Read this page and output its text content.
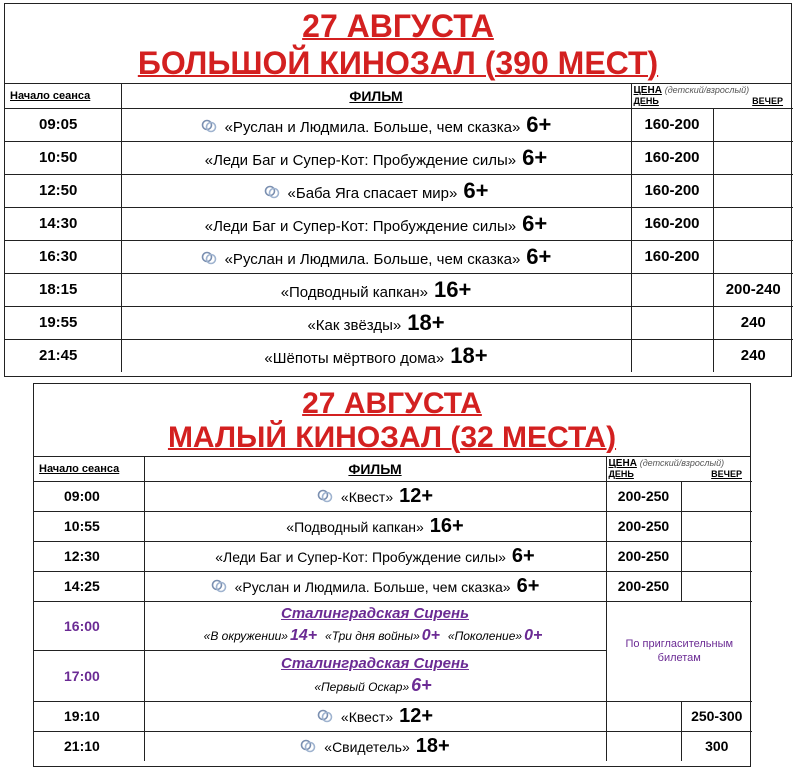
27 АВГУСТА
БОЛЬШОЙ КИНОЗАЛ (390 МЕСТ)
Начало сеанса	ФИЛЬМ	ЦЕНА (детский/взрослый)
ДЕНЬ ВЕЧЕР	

09:05	«Руслан и Людмила. Больше, чем сказка» 6+	160-200	
10:50	«Леди Баг и Супер-Кот: Пробуждение силы» 6+	160-200	
12:50	«Баба Яга спасает мир» 6+	160-200	
14:30	«Леди Баг и Супер-Кот: Пробуждение силы» 6+	160-200	
16:30	«Руслан и Людмила. Больше, чем сказка» 6+	160-200	
18:15	«Подводный капкан» 16+		200-240
19:55	«Как звёзды» 18+		240
21:45	«Шёпоты мёртвого дома» 18+		240
27 АВГУСТА
МАЛЫЙ КИНОЗАЛ (32 МЕСТА)
Начало сеанса	ФИЛЬМ	ЦЕНА (детский/взрослый)
ДЕНЬ ВЕЧЕР	

09:00	«Квест» 12+	200-250	
10:55	«Подводный капкан» 16+	200-250	
12:30	«Леди Баг и Супер-Кот: Пробуждение силы» 6+	200-250	
14:25	«Руслан и Людмила. Больше, чем сказка» 6+	200-250	
16:00	Сталинградская Сирень
«В окружении» 14+ «Три дня войны» 0+ «Поколение» 0+	По пригласительным билетам	
17:00	Сталинградская Сирень
«Первый Оскар» 6+		

19:10	«Квест» 12+		250-300
21:10	«Свидетель» 18+		300
